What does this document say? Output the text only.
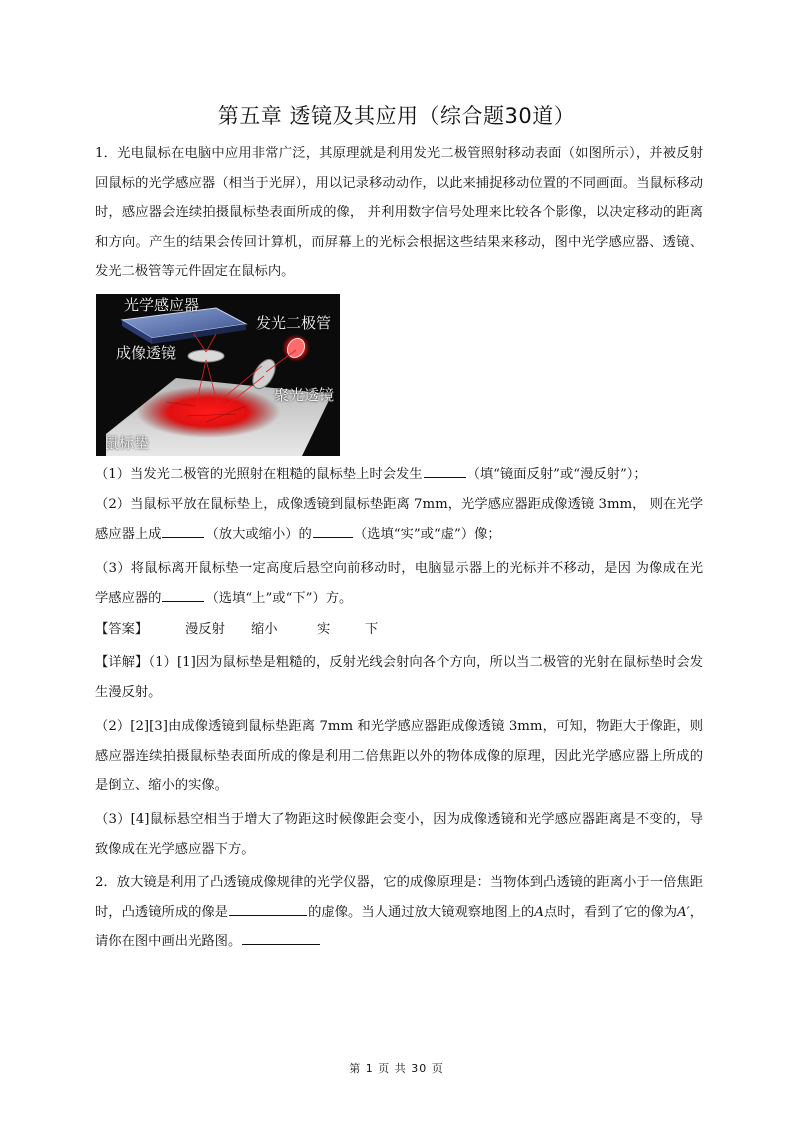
第五章 透镜及其应用（综合题30道）
1．光电鼠标在电脑中应用非常广泛，其原理就是利用发光二极管照射移动表面（如图所示），并被反射回鼠标的光学感应器（相当于光屏），用以记录移动动作，以此来捕捉移动位置的不同画面。当鼠标移动时，感应器会连续拍摄鼠标垫表面所成的像， 并利用数字信号处理来比较各个影像，以决定移动的距离和方向。产生的结果会传回计算机，而屏幕上的光标会根据这些结果来移动，图中光学感应器、透镜、发光二极管等元件固定在鼠标内。
光学感应器
发光二极管
成像透镜
聚光透镜
鼠标垫
（1）当发光二极管的光照射在粗糙的鼠标垫上时会发生	（填“镜面反射”或“漫反射”）；
（2）当鼠标平放在鼠标垫上，成像透镜到鼠标垫距离 7mm，光学感应器距成像透镜 3mm， 则在光学感应器上成	（放大或缩小）的	（选填“实”或“虚”）像；
（3）将鼠标离开鼠标垫一定高度后悬空向前移动时，电脑显示器上的光标并不移动，是因 为像成在光学感应器的	（选填“上”或“下”）方。
【答案】	漫反射 缩小	实	下
【详解】（1）[1]因为鼠标垫是粗糙的，反射光线会射向各个方向，所以当二极管的光射在鼠标垫时会发生漫反射。
（2）[2][3]由成像透镜到鼠标垫距离 7mm 和光学感应器距成像透镜 3mm，可知，物距大于像距，则感应器连续拍摄鼠标垫表面所成的像是利用二倍焦距以外的物体成像的原理，因此光学感应器上所成的是倒立、缩小的实像。
（3）[4]鼠标悬空相当于增大了物距这时候像距会变小，因为成像透镜和光学感应器距离是不变的，导致像成在光学感应器下方。
2．放大镜是利用了凸透镜成像规律的光学仪器，它的成像原理是：当物体到凸透镜的距离小于一倍焦距时，凸透镜所成的像是	的虚像。当人通过放大镜观察地图上的A点时，看到了它的像为A′，请你在图中画出光路图。
第 1 页 共 30 页
